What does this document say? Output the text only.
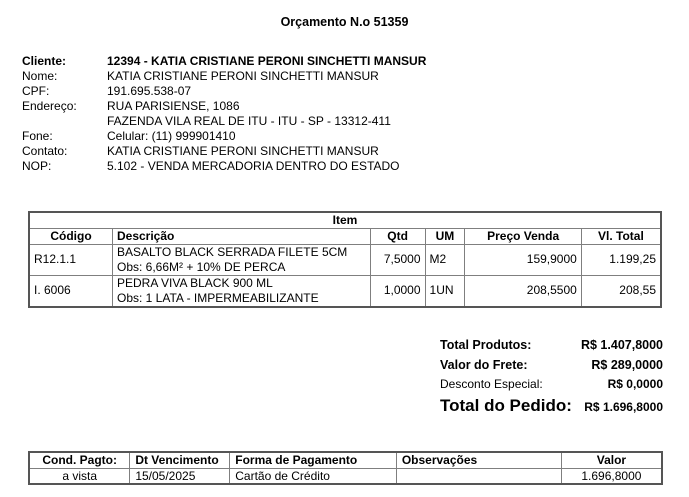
Orçamento N.o 51359
Cliente:	12394 - KATIA CRISTIANE PERONI SINCHETTI MANSUR
Nome:	KATIA CRISTIANE PERONI SINCHETTI MANSUR
CPF:	191.695.538-07
Endereço:	RUA PARISIENSE, 1086
FAZENDA VILA REAL DE ITU - ITU - SP - 13312-411
Fone:	Celular: (11) 999901410
Contato:	KATIA CRISTIANE PERONI SINCHETTI MANSUR
NOP:	5.102 - VENDA MERCADORIA DENTRO DO ESTADO
Item					
Código	Descrição	Qtd	UM	Preço Venda	Vl. Total
R12.1.1	BASALTO BLACK SERRADA FILETE 5CM
Obs: 6,66M² + 10% DE PERCA	7,5000	M2	159,9000	1.199,25
I. 6006	PEDRA VIVA BLACK 900 ML
Obs: 1 LATA - IMPERMEABILIZANTE	1,0000	1UN	208,5500	208,55
Total Produtos:	R$ 1.407,8000
Valor do Frete:	R$ 289,0000
Desconto Especial:	R$ 0,0000
Total do Pedido: R$ 1.696,8000
Cond. Pagto:	Dt Vencimento	Forma de Pagamento	Observações	Valor
a vista	15/05/2025	Cartão de Crédito		1.696,8000
